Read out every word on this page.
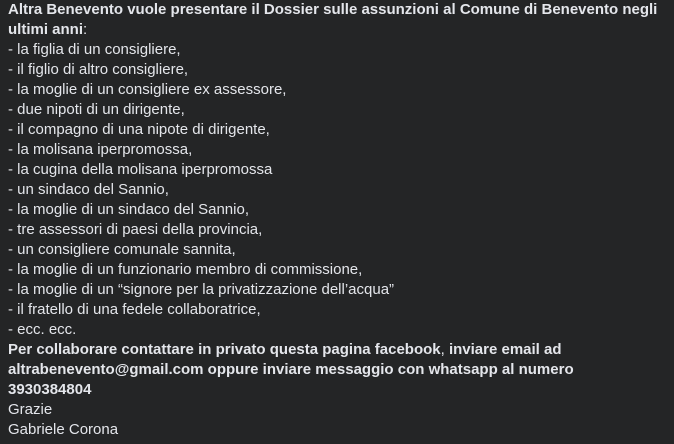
Altra Benevento vuole presentare il Dossier sulle assunzioni al Comune di Benevento negli ultimi anni:
- la figlia di un consigliere,
- il figlio di altro consigliere,
- la moglie di un consigliere ex assessore,
- due nipoti di un dirigente,
- il compagno di una nipote di dirigente,
- la molisana iperpromossa,
- la cugina della molisana iperpromossa
- un sindaco del Sannio,
- la moglie di un sindaco del Sannio,
- tre assessori di paesi della provincia,
- un consigliere comunale sannita,
- la moglie di un funzionario membro di commissione,
- la moglie di un “signore per la privatizzazione dell’acqua”
- il fratello di una fedele collaboratrice,
- ecc. ecc.
Per collaborare contattare in privato questa pagina facebook, inviare email ad
altrabenevento@gmail.com oppure inviare messaggio con whatsapp al numero
3930384804
Grazie
Gabriele Corona
